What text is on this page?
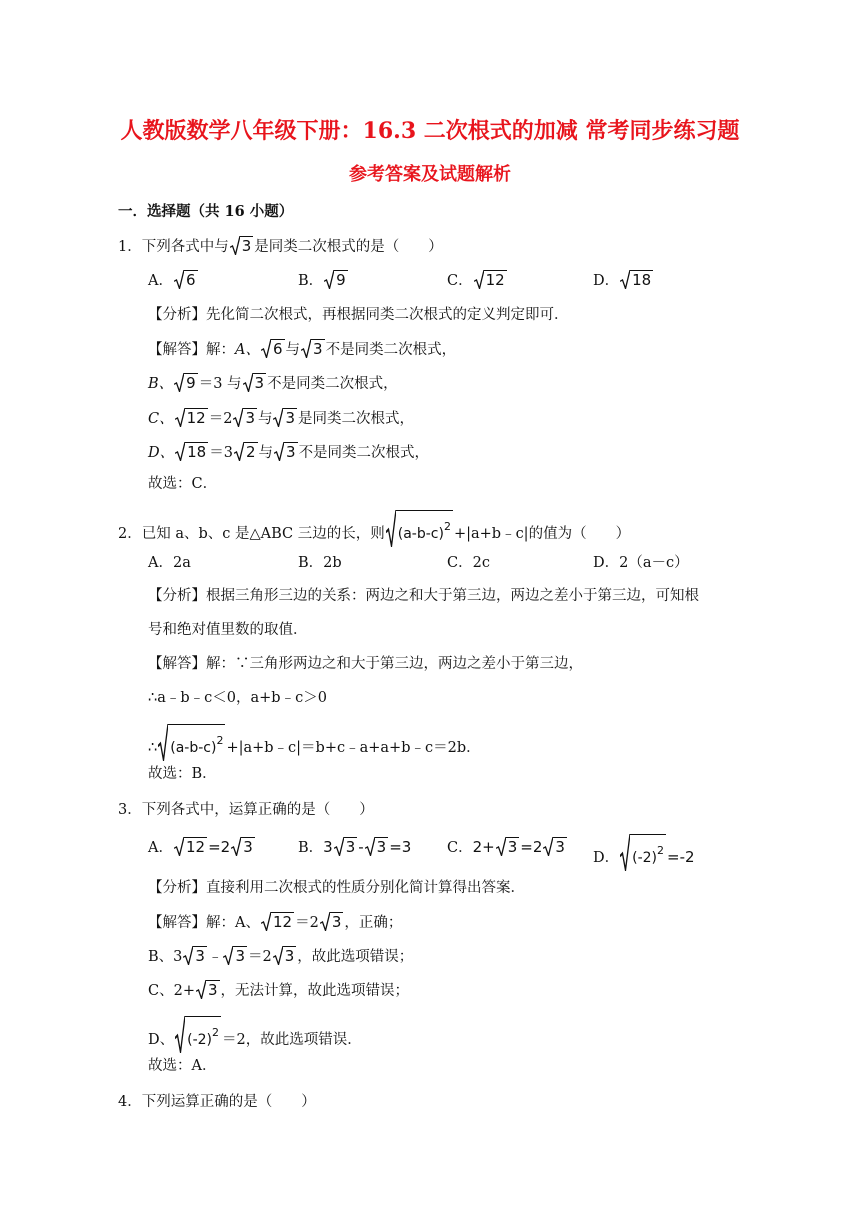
人教版数学八年级下册：16.3 二次根式的加减 常考同步练习题
参考答案及试题解析
一．选择题（共 16 小题）
1．下列各式中与 3 是同类二次根式的是（　　）
A． 6	B． 9	C． 12	D． 18
【分析】先化简二次根式，再根据同类二次根式的定义判定即可．
【解答】解：A、 6 与 3 不是同类二次根式，
B、 9 ＝3 与 3 不是同类二次根式，
C、 12 ＝2 3 与 3 是同类二次根式，
D、 18 ＝3 2 与 3 不是同类二次根式，
故选：C．
2．已知 a、b、c 是△ABC 三边的长，则 $(a-b-c)^2$ +|a+b﹣c|的值为（　　）
A．2a	B．2b	C．2c	D．2（a－c）
【分析】根据三角形三边的关系：两边之和大于第三边，两边之差小于第三边，可知根
号和绝对值里数的取值．
【解答】解：∵三角形两边之和大于第三边，两边之差小于第三边，
∴a﹣b﹣c＜0，a+b﹣c＞0
∴ $(a-b-c)^2$ +|a+b﹣c|＝b+c﹣a+a+b﹣c＝2b．
故选：B．
3．下列各式中，运算正确的是（　　）
A． 12 =2 3	B．3 3 - 3 =3 C．2+ 3 =2 3
D． $(-2)^2 =-2$
【分析】直接利用二次根式的性质分别化简计算得出答案．
【解答】解：A、 12 ＝2 3 ，正确；
B、3 3 ﹣ 3 ＝2 3 ，故此选项错误；
C、2+ 3 ，无法计算，故此选项错误；
D、 $(-2)^2 =2$，故此选项错误．
故选：A．
4．下列运算正确的是（　　）
